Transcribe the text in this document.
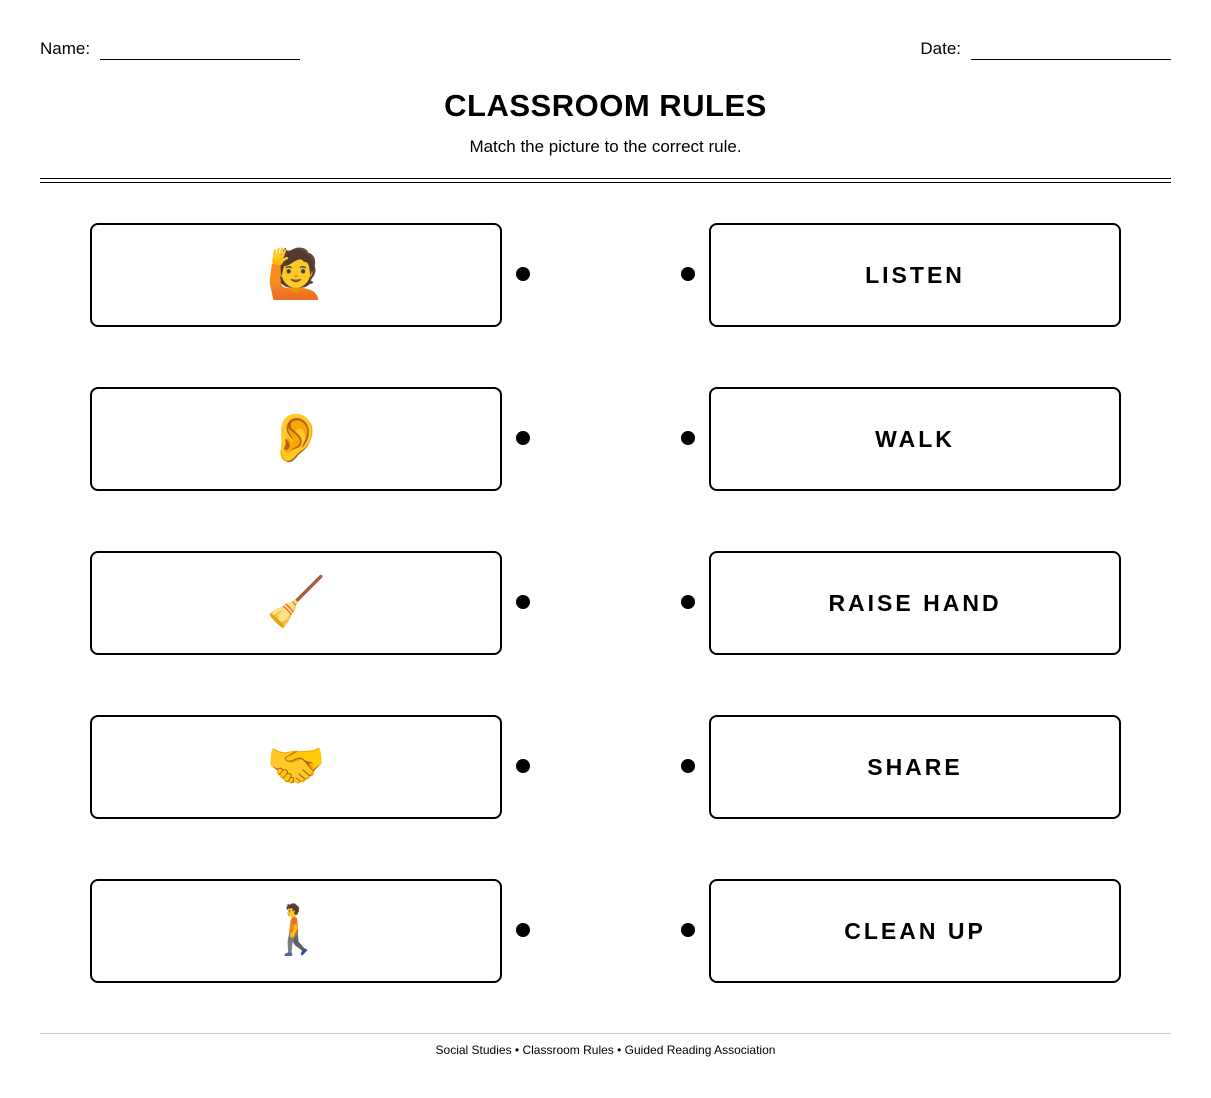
Name:	Date:
CLASSROOM RULES
Match the picture to the correct rule.
🙋	LISTEN
👂	WALK
🧹	RAISE HAND
🤝	SHARE
🚶	CLEAN UP
Social Studies • Classroom Rules • Guided Reading Association
